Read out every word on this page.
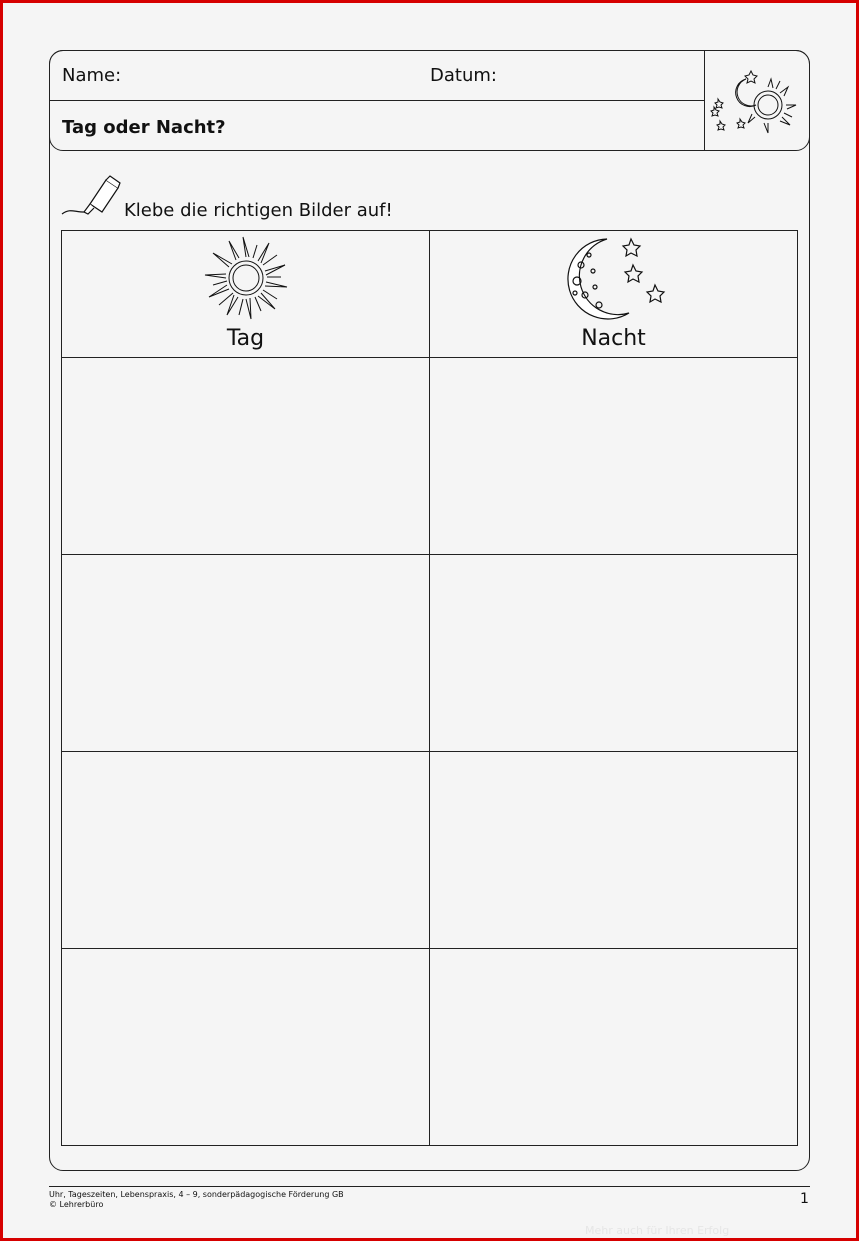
Name:	Datum:
Tag oder Nacht?
Klebe die richtigen Bilder auf!
Tag	Nacht

Uhr, Tageszeiten, Lebenspraxis, 4 – 9, sonderpädagogische Förderung GB
© Lehrerbüro	1
Mehr auch für Ihren Erfolg
